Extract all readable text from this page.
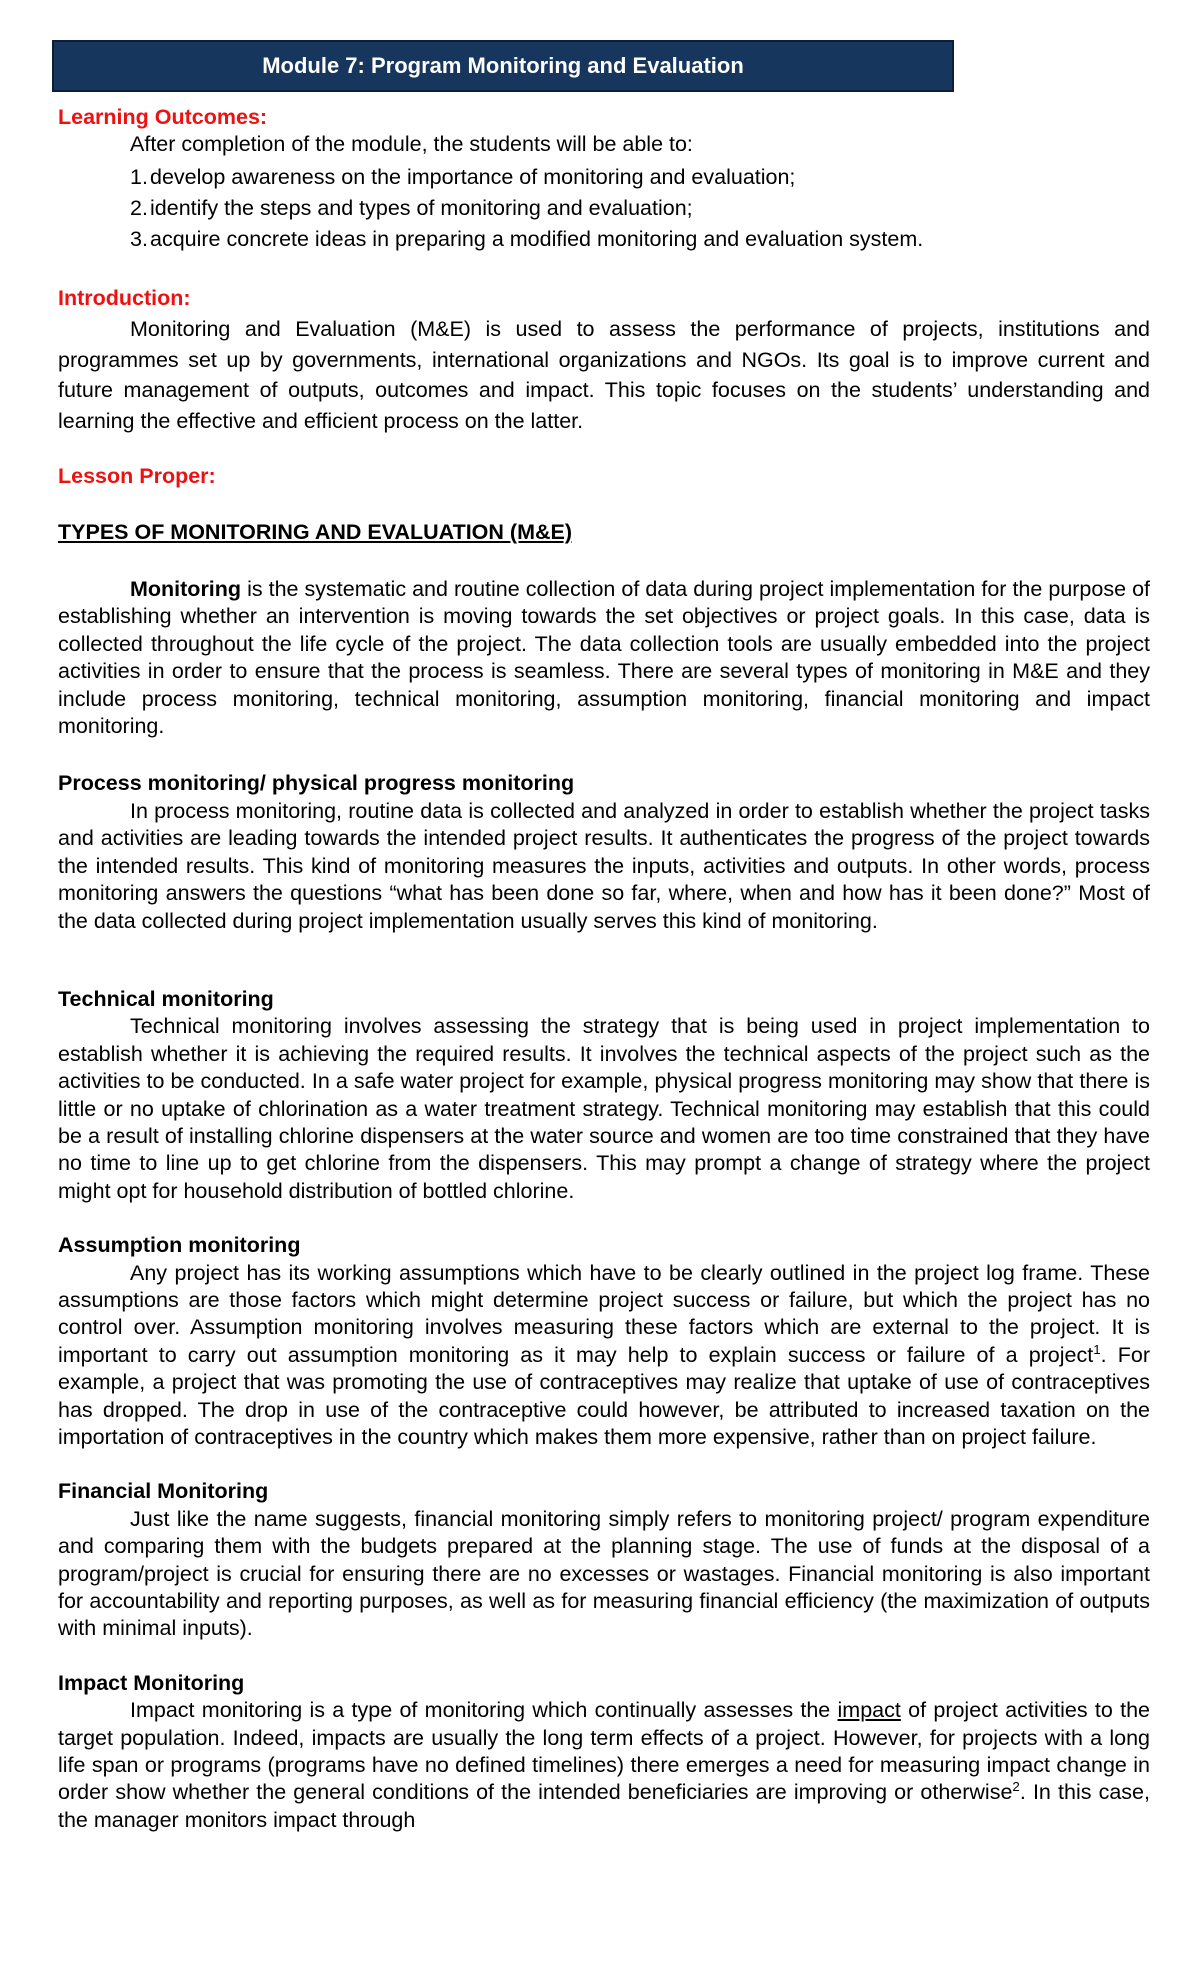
Module 7: Program Monitoring and Evaluation

Learning Outcomes:

After completion of the module, the students will be able to:
1. develop awareness on the importance of monitoring and evaluation;
2. identify the steps and types of monitoring and evaluation;
3. acquire concrete ideas in preparing a modified monitoring and evaluation system.

Introduction:

Monitoring and Evaluation (M&E) is used to assess the performance of projects, institutions and programmes set up by governments, international organizations and NGOs. Its goal is to improve current and future management of outputs, outcomes and impact. This topic focuses on the students’ understanding and learning the effective and efficient process on the latter.

Lesson Proper:

TYPES OF MONITORING AND EVALUATION (M&E)

Monitoring is the systematic and routine collection of data during project implementation for the purpose of establishing whether an intervention is moving towards the set objectives or project goals. In this case, data is collected throughout the life cycle of the project. The data collection tools are usually embedded into the project activities in order to ensure that the process is seamless. There are several types of monitoring in M&E and they include process monitoring, technical monitoring, assumption monitoring, financial monitoring and impact monitoring.

Process monitoring/ physical progress monitoring

In process monitoring, routine data is collected and analyzed in order to establish whether the project tasks and activities are leading towards the intended project results. It authenticates the progress of the project towards the intended results. This kind of monitoring measures the inputs, activities and outputs. In other words, process monitoring answers the questions “what has been done so far, where, when and how has it been done?” Most of the data collected during project implementation usually serves this kind of monitoring.

Technical monitoring

Technical monitoring involves assessing the strategy that is being used in project implementation to establish whether it is achieving the required results. It involves the technical aspects of the project such as the activities to be conducted. In a safe water project for example, physical progress monitoring may show that there is little or no uptake of chlorination as a water treatment strategy. Technical monitoring may establish that this could be a result of installing chlorine dispensers at the water source and women are too time constrained that they have no time to line up to get chlorine from the dispensers. This may prompt a change of strategy where the project might opt for household distribution of bottled chlorine.

Assumption monitoring

Any project has its working assumptions which have to be clearly outlined in the project log frame. These assumptions are those factors which might determine project success or failure, but which the project has no control over. Assumption monitoring involves measuring these factors which are external to the project. It is important to carry out assumption monitoring as it may help to explain success or failure of a project$^1$. For example, a project that was promoting the use of contraceptives may realize that uptake of use of contraceptives has dropped. The drop in use of the contraceptive could however, be attributed to increased taxation on the importation of contraceptives in the country which makes them more expensive, rather than on project failure.

Financial Monitoring

Just like the name suggests, financial monitoring simply refers to monitoring project/ program expenditure and comparing them with the budgets prepared at the planning stage. The use of funds at the disposal of a program/project is crucial for ensuring there are no excesses or wastages. Financial monitoring is also important for accountability and reporting purposes, as well as for measuring financial efficiency (the maximization of outputs with minimal inputs).

Impact Monitoring

Impact monitoring is a type of monitoring which continually assesses the impact of project activities to the target population. Indeed, impacts are usually the long term effects of a project. However, for projects with a long life span or programs (programs have no defined timelines) there emerges a need for measuring impact change in order show whether the general conditions of the intended beneficiaries are improving or otherwise$^2$. In this case, the manager monitors impact through
